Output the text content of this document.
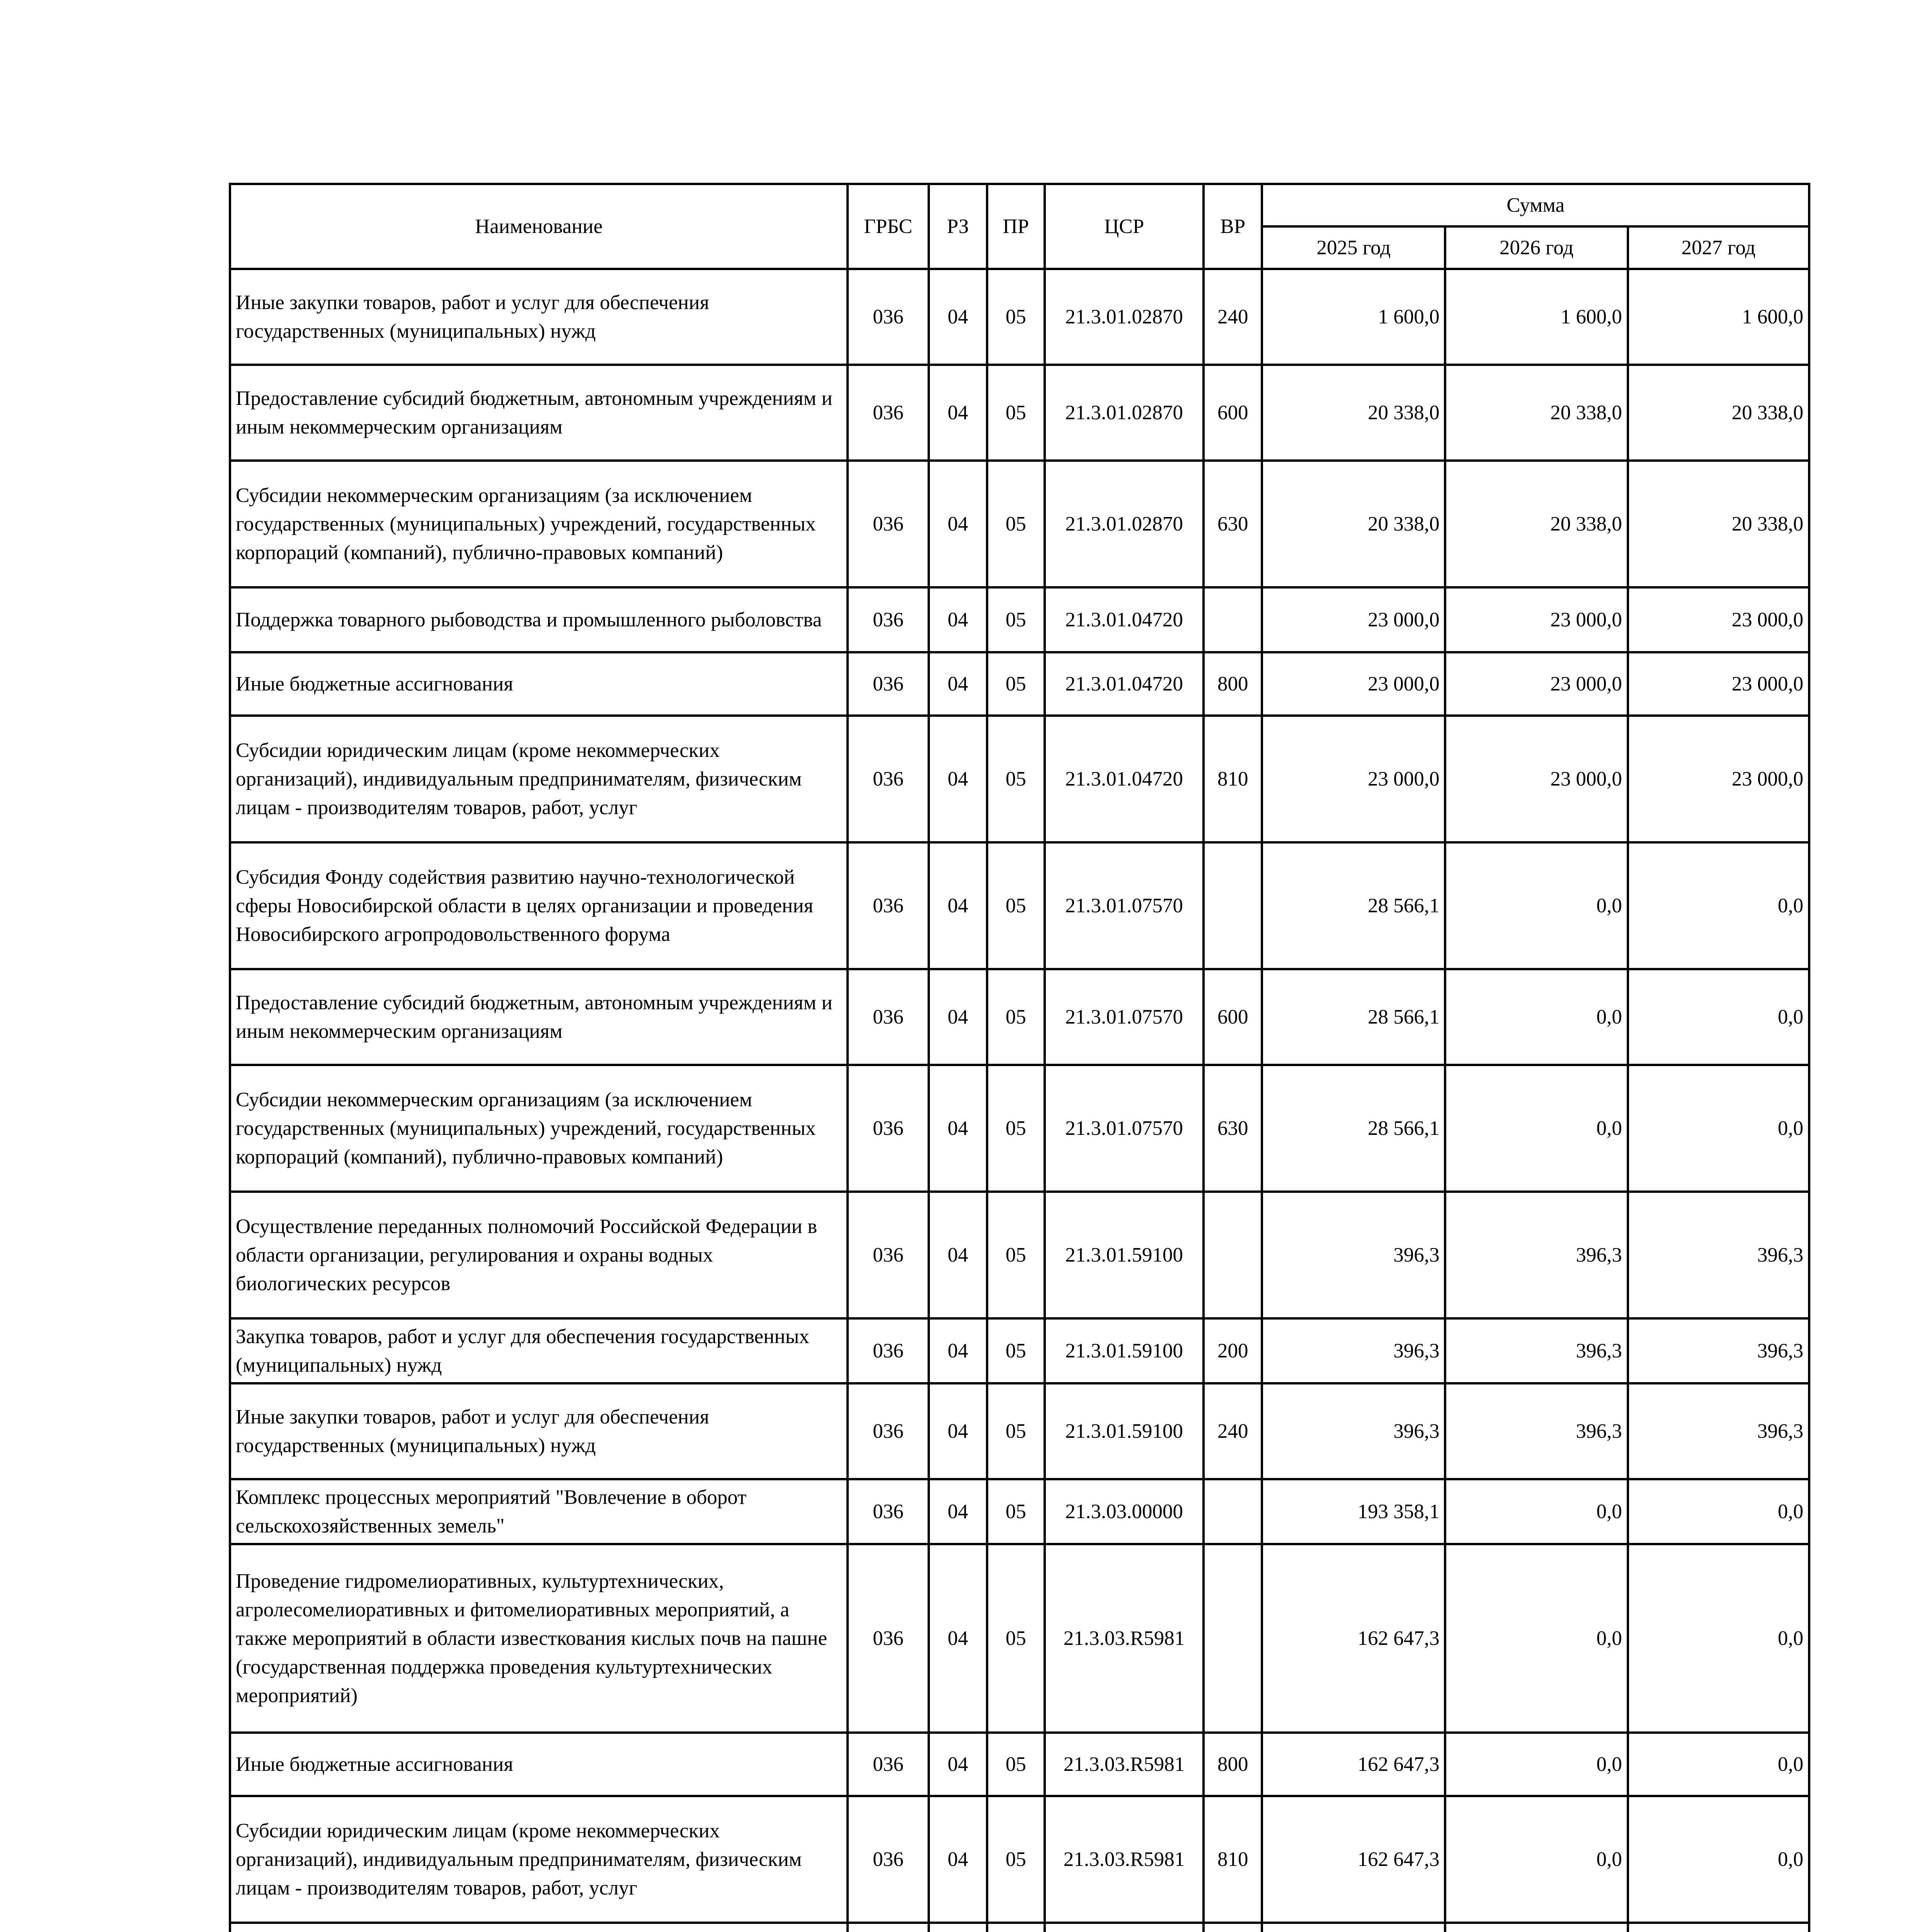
Наименование	ГРБС	РЗ	ПР	ЦСР	ВР	Сумма		
						2025 год	2026 год	2027 год
Иные закупки товаров, работ и услуг для обеспечения государственных (муниципальных) нужд	036	04	05	21.3.01.02870	240	1 600,0	1 600,0	1 600,0
Предоставление субсидий бюджетным, автономным учреждениям и иным некоммерческим организациям	036	04	05	21.3.01.02870	600	20 338,0	20 338,0	20 338,0
Субсидии некоммерческим организациям (за исключением государственных (муниципальных) учреждений, государственных корпораций (компаний), публично-правовых компаний)	036	04	05	21.3.01.02870	630	20 338,0	20 338,0	20 338,0
Поддержка товарного рыбоводства и промышленного рыболовства	036	04	05	21.3.01.04720		23 000,0	23 000,0	23 000,0
Иные бюджетные ассигнования	036	04	05	21.3.01.04720	800	23 000,0	23 000,0	23 000,0
Субсидии юридическим лицам (кроме некоммерческих организаций), индивидуальным предпринимателям, физическим лицам - производителям товаров, работ, услуг	036	04	05	21.3.01.04720	810	23 000,0	23 000,0	23 000,0
Субсидия Фонду содействия развитию научно-технологической сферы Новосибирской области в целях организации и проведения Новосибирского агропродовольственного форума	036	04	05	21.3.01.07570		28 566,1	0,0	0,0
Предоставление субсидий бюджетным, автономным учреждениям и иным некоммерческим организациям	036	04	05	21.3.01.07570	600	28 566,1	0,0	0,0
Субсидии некоммерческим организациям (за исключением государственных (муниципальных) учреждений, государственных корпораций (компаний), публично-правовых компаний)	036	04	05	21.3.01.07570	630	28 566,1	0,0	0,0
Осуществление переданных полномочий Российской Федерации в области организации, регулирования и охраны водных биологических ресурсов	036	04	05	21.3.01.59100		396,3	396,3	396,3
Закупка товаров, работ и услуг для обеспечения государственных (муниципальных) нужд	036	04	05	21.3.01.59100	200	396,3	396,3	396,3
Иные закупки товаров, работ и услуг для обеспечения государственных (муниципальных) нужд	036	04	05	21.3.01.59100	240	396,3	396,3	396,3
Комплекс процессных мероприятий "Вовлечение в оборот сельскохозяйственных земель"	036	04	05	21.3.03.00000		193 358,1	0,0	0,0
Проведение гидромелиоративных, культуртехнических, агролесомелиоративных и фитомелиоративных мероприятий, а также мероприятий в области известкования кислых почв на пашне (государственная поддержка проведения культуртехнических мероприятий)	036	04	05	21.3.03.R5981		162 647,3	0,0	0,0
Иные бюджетные ассигнования	036	04	05	21.3.03.R5981	800	162 647,3	0,0	0,0
Субсидии юридическим лицам (кроме некоммерческих организаций), индивидуальным предпринимателям, физическим лицам - производителям товаров, работ, услуг	036	04	05	21.3.03.R5981	810	162 647,3	0,0	0,0
